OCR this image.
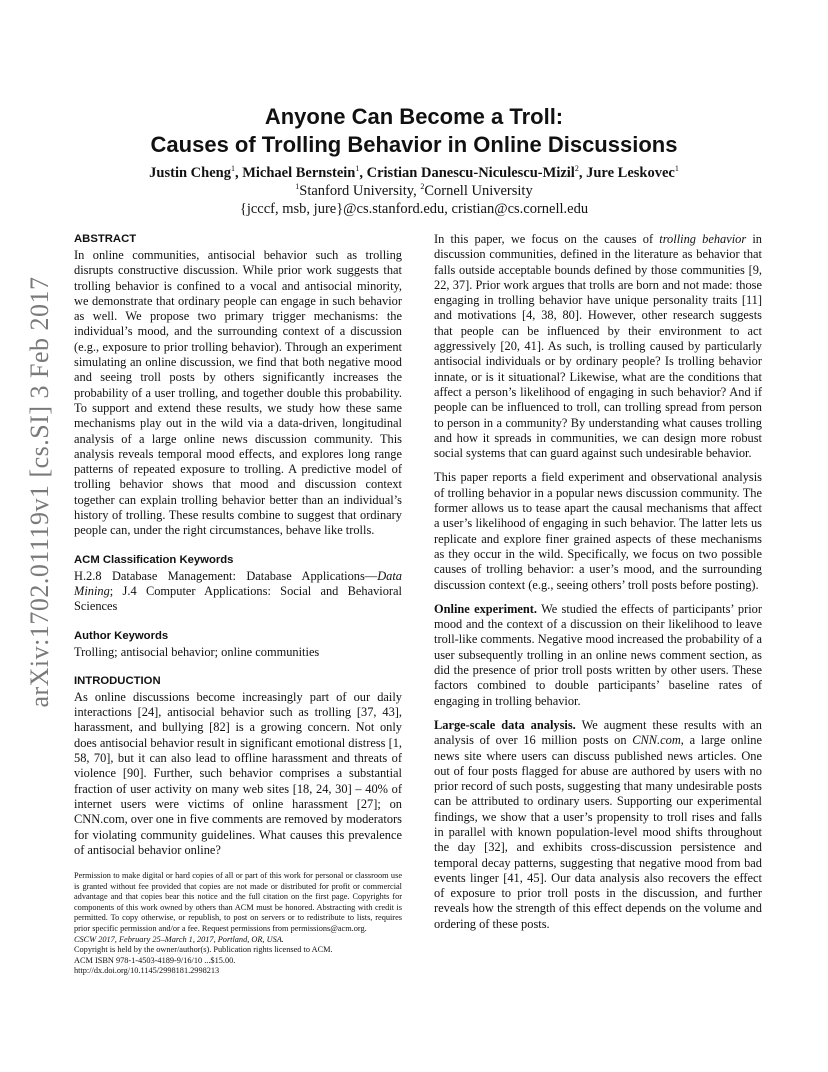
arXiv:1702.01119v1 [cs.SI] 3 Feb 2017
Anyone Can Become a Troll:
Causes of Trolling Behavior in Online Discussions
Justin Cheng$^1$, Michael Bernstein$^1$, Cristian Danescu-Niculescu-Mizil$^2$, Jure Leskovec$^1$
$^1$Stanford University, $^2$Cornell University
{jcccf, msb, jure}@cs.stanford.edu, cristian@cs.cornell.edu
ABSTRACT

In online communities, antisocial behavior such as trolling disrupts constructive discussion. While prior work suggests that trolling behavior is confined to a vocal and antisocial minority, we demonstrate that ordinary people can engage in such behavior as well. We propose two primary trigger mechanisms: the individual’s mood, and the surrounding context of a discussion (e.g., exposure to prior trolling behavior). Through an experiment simulating an online discussion, we find that both negative mood and seeing troll posts by others significantly increases the probability of a user trolling, and together double this probability. To support and extend these results, we study how these same mechanisms play out in the wild via a data-driven, longitudinal analysis of a large online news discussion community. This analysis reveals temporal mood effects, and explores long range patterns of repeated exposure to trolling. A predictive model of trolling behavior shows that mood and discussion context together can explain trolling behavior better than an individual’s history of trolling. These results combine to suggest that ordinary people can, under the right circumstances, behave like trolls.

ACM Classification Keywords

H.2.8 Database Management: Database Applications—Data Mining; J.4 Computer Applications: Social and Behavioral Sciences

Author Keywords

Trolling; antisocial behavior; online communities

INTRODUCTION

As online discussions become increasingly part of our daily interactions [24], antisocial behavior such as trolling [37, 43], harassment, and bullying [82] is a growing concern. Not only does antisocial behavior result in significant emotional distress [1, 58, 70], but it can also lead to offline harassment and threats of violence [90]. Further, such behavior comprises a substantial fraction of user activity on many web sites [18, 24, 30] – 40% of internet users were victims of online harassment [27]; on CNN.com, over one in five comments are removed by moderators for violating community guidelines. What causes this prevalence of antisocial behavior online?

Permission to make digital or hard copies of all or part of this work for personal or classroom use is granted without fee provided that copies are not made or distributed for profit or commercial advantage and that copies bear this notice and the full citation on the first page. Copyrights for components of this work owned by others than ACM must be honored. Abstracting with credit is permitted. To copy otherwise, or republish, to post on servers or to redistribute to lists, requires prior specific permission and/or a fee. Request permissions from permissions@acm.org.
CSCW 2017, February 25–March 1, 2017, Portland, OR, USA.
Copyright is held by the owner/author(s). Publication rights licensed to ACM.
ACM ISBN 978-1-4503-4189-9/16/10 ...$15.00.
http://dx.doi.org/10.1145/2998181.2998213

In this paper, we focus on the causes of trolling behavior in discussion communities, defined in the literature as behavior that falls outside acceptable bounds defined by those communities [9, 22, 37]. Prior work argues that trolls are born and not made: those engaging in trolling behavior have unique personality traits [11] and motivations [4, 38, 80]. However, other research suggests that people can be influenced by their environment to act aggressively [20, 41]. As such, is trolling caused by particularly antisocial individuals or by ordinary people? Is trolling behavior innate, or is it situational? Likewise, what are the conditions that affect a person’s likelihood of engaging in such behavior? And if people can be influenced to troll, can trolling spread from person to person in a community? By understanding what causes trolling and how it spreads in communities, we can design more robust social systems that can guard against such undesirable behavior.

This paper reports a field experiment and observational analysis of trolling behavior in a popular news discussion community. The former allows us to tease apart the causal mechanisms that affect a user’s likelihood of engaging in such behavior. The latter lets us replicate and explore finer grained aspects of these mechanisms as they occur in the wild. Specifically, we focus on two possible causes of trolling behavior: a user’s mood, and the surrounding discussion context (e.g., seeing others’ troll posts before posting).

Online experiment. We studied the effects of participants’ prior mood and the context of a discussion on their likelihood to leave troll-like comments. Negative mood increased the probability of a user subsequently trolling in an online news comment section, as did the presence of prior troll posts written by other users. These factors combined to double participants’ baseline rates of engaging in trolling behavior.

Large-scale data analysis. We augment these results with an analysis of over 16 million posts on CNN.com, a large online news site where users can discuss published news articles. One out of four posts flagged for abuse are authored by users with no prior record of such posts, suggesting that many undesirable posts can be attributed to ordinary users. Supporting our experimental findings, we show that a user’s propensity to troll rises and falls in parallel with known population-level mood shifts throughout the day [32], and exhibits cross-discussion persistence and temporal decay patterns, suggesting that negative mood from bad events linger [41, 45]. Our data analysis also recovers the effect of exposure to prior troll posts in the discussion, and further reveals how the strength of this effect depends on the volume and ordering of these posts.
